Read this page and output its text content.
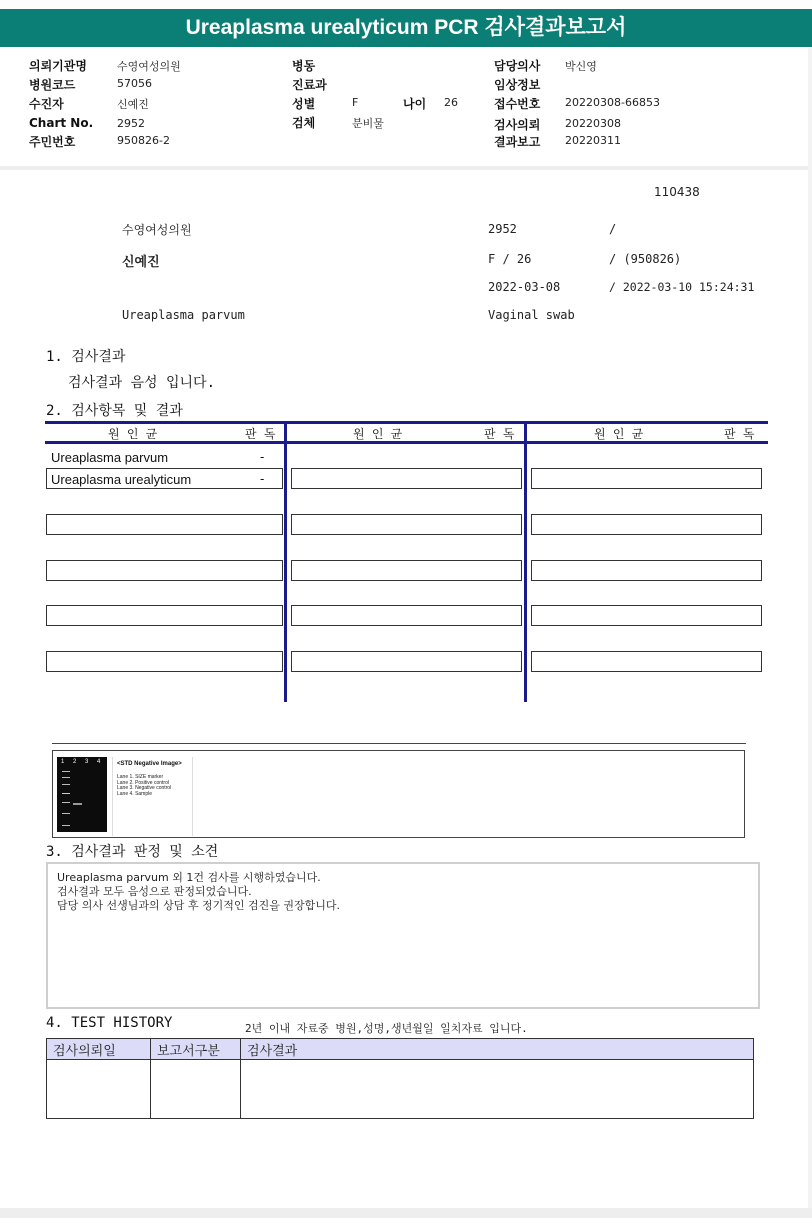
Ureaplasma urealyticum PCR 검사결과보고서
의뢰기관명	수영여성의원
병원코드	57056
수진자	신예진
Chart No. 2952
주민번호	950826-2
병동
진료과
성별	F	나이 26
검체	분비물
담당의사 박신영
임상정보
접수번호 20220308-66853
검사의뢰 20220308
결과보고 20220311
110438
수영여성의원	2952	/
신예진	F / 26	/ (950826)
2022-03-08	/ 2022-03-10 15:24:31
Ureaplasma parvum	Vaginal swab
1. 검사결과
검사결과 음성 입니다.
2. 검사항목 및 결과
원 인 균	판 독	원 인 균	판 독	원 인 균	판 독
Ureaplasma parvum	-
Ureaplasma urealyticum	-
1 2 3 4	<STD Negative Image>
Lane 1. SIZE marker
Lane 2. Positive control
Lane 3. Negative control
Lane 4. Sample
3. 검사결과 판정 및 소견
Ureaplasma parvum 외 1건 검사를 시행하였습니다.
검사결과 모두 음성으로 판정되었습니다.
담당 의사 선생님과의 상담 후 정기적인 검진을 권장합니다.
4. TEST HISTORY	2년 이내 자료중 병원,성명,생년월일 일치자료 입니다.
검사의뢰일	보고서구분	검사결과
